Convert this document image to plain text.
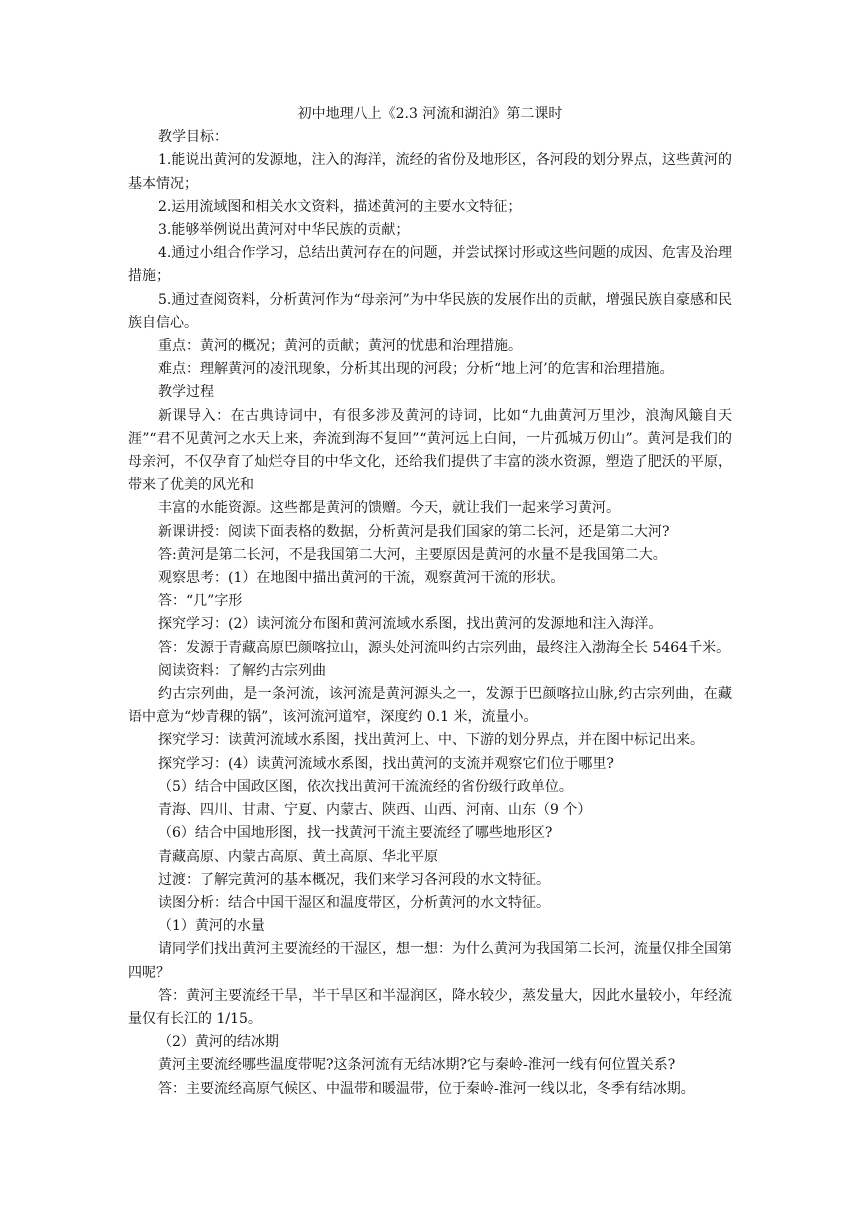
初中地理八上《2.3 河流和湖泊》第二课时
教学目标：
1.能说出黄河的发源地，注入的海洋，流经的省份及地形区，各河段的划分界点，这些黄河的基本情况；
2.运用流域图和相关水文资料，描述黄河的主要水文特征；
3.能够举例说出黄河对中华民族的贡献；
4.通过小组合作学习，总结出黄河存在的问题，并尝试探讨形或这些问题的成因、危害及治理措施；
5.通过查阅资料，分析黄河作为“母亲河”为中华民族的发展作出的贡献，增强民族自豪感和民族自信心。
重点：黄河的概况；黄河的贡献；黄河的忧患和治理措施。
难点：理解黄河的凌汛现象，分析其出现的河段；分析“地上河’的危害和治理措施。
教学过程
新课导入：在古典诗词中，有很多涉及黄河的诗词，比如“九曲黄河万里沙，浪淘风簸自天涯”“君不见黄河之水天上来，奔流到海不复回”“黄河远上白间，一片孤城万仞山”。黄河是我们的母亲河，不仅孕育了灿烂夺目的中华文化，还给我们提供了丰富的淡水资源，塑造了肥沃的平原，带来了优美的风光和
丰富的水能资源。这些都是黄河的馈赠。今天，就让我们一起来学习黄河。
新课讲授：阅读下面表格的数据，分析黄河是我们国家的第二长河，还是第二大河?
答:黄河是第二长河，不是我国第二大河，主要原因是黄河的水量不是我国第二大。
观察思考：(1）在地图中描出黄河的干流，观察黄河干流的形状。
答：“几”字形
探究学习：(2）读河流分布图和黄河流域水系图，找出黄河的发源地和注入海洋。
答：发源于青藏高原巴颜喀拉山，源头处河流叫约古宗列曲，最终注入渤海全长 5464千米。
阅读资料：了解约古宗列曲
约古宗列曲，是一条河流，该河流是黄河源头之一，发源于巴颜喀拉山脉,约古宗列曲，在藏语中意为“炒青稞的锅”，该河流河道窄，深度约 0.1 米，流量小。
探究学习：读黄河流域水系图，找出黄河上、中、下游的划分界点，并在图中标记出来。
探究学习：(4）读黄河流域水系图，找出黄河的支流并观察它们位于哪里?
（5）结合中国政区图，依次找出黄河干流流经的省份级行政单位。
青海、四川、甘肃、宁夏、内蒙古、陕西、山西、河南、山东（9 个）
（6）结合中国地形图，找一找黄河干流主要流经了哪些地形区?
青藏高原、内蒙古高原、黄土高原、华北平原
过渡：了解完黄河的基本概况，我们来学习各河段的水文特征。
读图分析：结合中国干湿区和温度带区，分析黄河的水文特征。
（1）黄河的水量
请同学们找出黄河主要流经的干湿区，想一想：为什么黄河为我国第二长河，流量仅排全国第四呢？
答：黄河主要流经干旱，半干旱区和半湿润区，降水较少，蒸发量大，因此水量较小，年经流量仅有长江的 1/15。
（2）黄河的结冰期
黄河主要流经哪些温度带呢?这条河流有无结冰期?它与秦岭-淮河一线有何位置关系?
答：主要流经高原气候区、中温带和暖温带，位于秦岭-淮河一线以北，冬季有结冰期。
